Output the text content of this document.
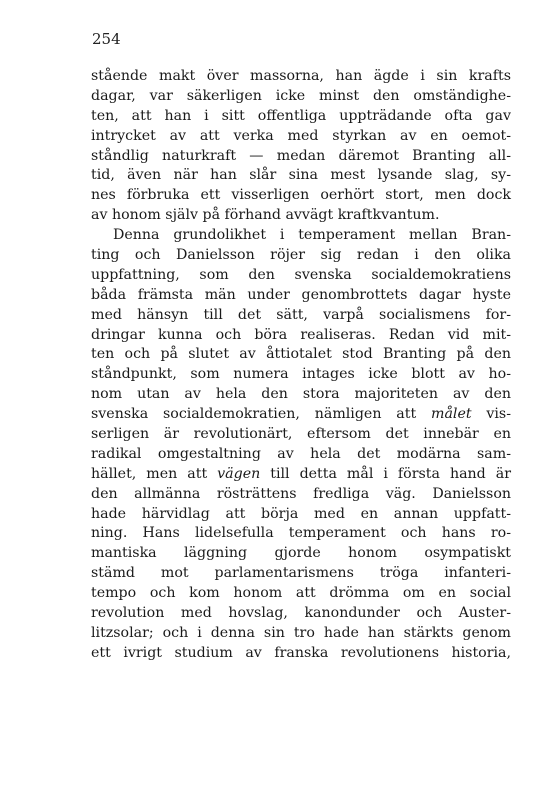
254
stående makt över massorna, han ägde i sin krafts
dagar, var säkerligen icke minst den omständighe-
ten, att han i sitt offentliga uppträdande ofta gav
intrycket av att verka med styrkan av en oemot-
ståndlig naturkraft — medan däremot Branting all-
tid, även när han slår sina mest lysande slag, sy-
nes förbruka ett visserligen oerhört stort, men dock
av honom själv på förhand avvägt kraftkvantum.
Denna grundolikhet i temperament mellan Bran-
ting och Danielsson röjer sig redan i den olika
uppfattning, som den svenska socialdemokratiens
båda främsta män under genombrottets dagar hyste
med hänsyn till det sätt, varpå socialismens for-
dringar kunna och böra realiseras. Redan vid mit-
ten och på slutet av åttiotalet stod Branting på den
ståndpunkt, som numera intages icke blott av ho-
nom utan av hela den stora majoriteten av den
svenska socialdemokratien, nämligen att målet vis-
serligen är revolutionärt, eftersom det innebär en
radikal omgestaltning av hela det modärna sam-
hället, men att vägen till detta mål i första hand är
den allmänna rösträttens fredliga väg. Danielsson
hade härvidlag att börja med en annan uppfatt-
ning. Hans lidelsefulla temperament och hans ro-
mantiska läggning gjorde honom osympatiskt
stämd mot parlamentarismens tröga infanteri-
tempo och kom honom att drömma om en social
revolution med hovslag, kanondunder och Auster-
litzsolar; och i denna sin tro hade han stärkts genom
ett ivrigt studium av franska revolutionens historia,
